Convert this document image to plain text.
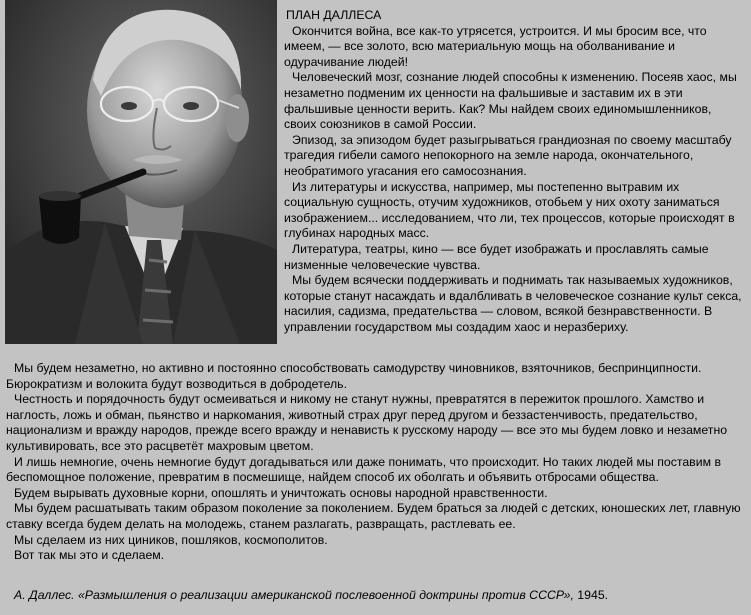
ПЛАН ДАЛЛЕСА

Окончится война, все как-то утрясется, устроится. И мы бросим все, что имеем, — все золото, всю материальную мощь на оболванивание и одурачивание людей!

Человеческий мозг, сознание людей способны к изменению. Посеяв хаос, мы незаметно подменим их ценности на фальшивые и заставим их в эти фальшивые ценности верить. Как? Мы найдем своих единомышленников, своих союзников в самой России.

Эпизод, за эпизодом будет разыгрываться грандиозная по своему масштабу трагедия гибели самого непокорного на земле народа, окончательного, необратимого угасания его самосознания.

Из литературы и искусства, например, мы постепенно вытравим их социальную сущность, отучим художников, отобьем у них охоту заниматься изображением... исследованием, что ли, тех процессов, которые происходят в глубинах народных масс.

Литература, театры, кино — все будет изображать и прославлять самые низменные человеческие чувства.

Мы будем всячески поддерживать и поднимать так называемых художников, которые станут насаждать и вдалбливать в человеческое сознание культ секса, насилия, садизма, предательства — словом, всякой безнравственности. В управлении государством мы создадим хаос и неразбериху.

Мы будем незаметно, но активно и постоянно способствовать самодурству чиновников, взяточников, беспринципности. Бюрократизм и волокита будут возводиться в добродетель.

Честность и порядочность будут осмеиваться и никому не станут нужны, превратятся в пережиток прошлого. Хамство и наглость, ложь и обман, пьянство и наркомания, животный страх друг перед другом и беззастенчивость, предательство, национализм и вражду народов, прежде всего вражду и ненависть к русскому народу — все это мы будем ловко и незаметно культивировать, все это расцветёт махровым цветом.

И лишь немногие, очень немногие будут догадываться или даже понимать, что происходит. Но таких людей мы поставим в беспомощное положение, превратим в посмешище, найдем способ их оболгать и объявить отбросами общества.

Будем вырывать духовные корни, опошлять и уничтожать основы народной нравственности.

Мы будем расшатывать таким образом поколение за поколением. Будем браться за людей с детских, юношеских лет, главную ставку всегда будем делать на молодежь, станем разлагать, развращать, растлевать ее.

Мы сделаем из них циников, пошляков, космополитов.

Вот так мы это и сделаем.

А. Даллес. «Размышления о реализации американской послевоенной доктрины против СССР», 1945.
